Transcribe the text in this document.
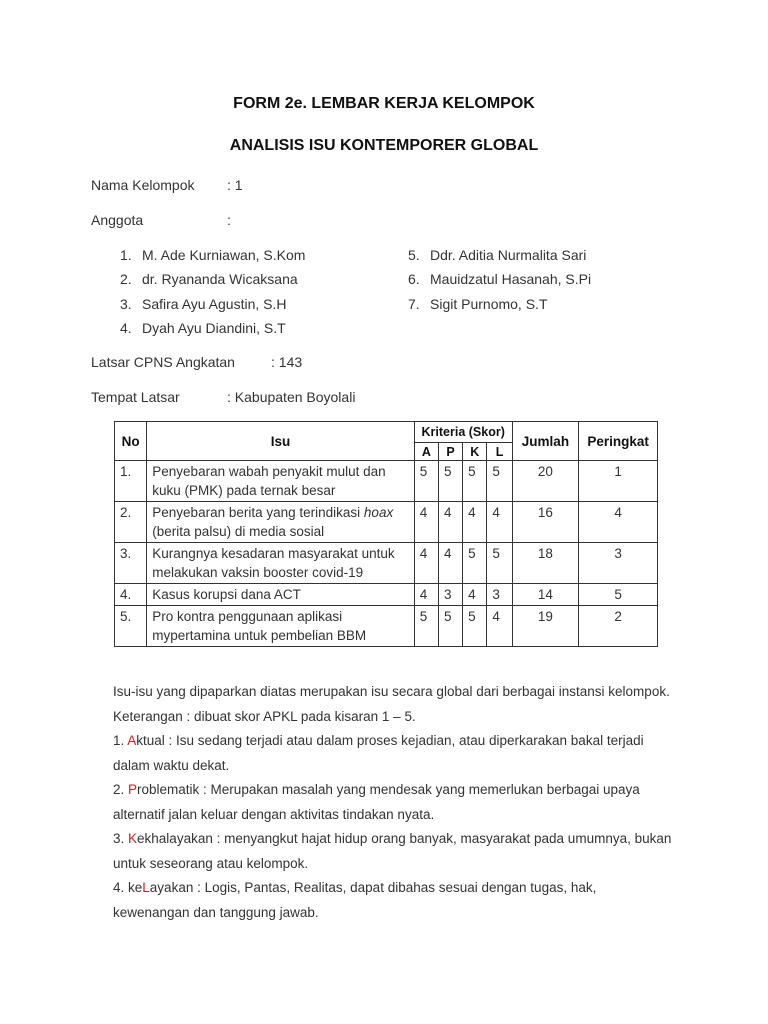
FORM 2e. LEMBAR KERJA KELOMPOK
ANALISIS ISU KONTEMPORER GLOBAL
Nama Kelompok : 1
Anggota	:
1. M. Ade Kurniawan, S.Kom
2. dr. Ryananda Wicaksana
3. Safira Ayu Agustin, S.H
4. Dyah Ayu Diandini, S.T
5. Ddr. Aditia Nurmalita Sari
6. Mauidzatul Hasanah, S.Pi
7. Sigit Purnomo, S.T
Latsar CPNS Angkatan	: 143
Tempat Latsar	: Kabupaten Boyolali
No	Isu	Kriteria (Skor)				Jumlah	Peringkat
		A	P	K	L		
1.	Penyebaran wabah penyakit mulut dan kuku (PMK) pada ternak besar	5	5	5	5	20	1
2.	Penyebaran berita yang terindikasi hoax (berita palsu) di media sosial	4	4	4	4	16	4
3.	Kurangnya kesadaran masyarakat untuk melakukan vaksin booster covid-19	4	4	5	5	18	3
4.	Kasus korupsi dana ACT	4	3	4	3	14	5
5.	Pro kontra penggunaan aplikasi mypertamina untuk pembelian BBM	5	5	5	4	19	2
Isu-isu yang dipaparkan diatas merupakan isu secara global dari berbagai instansi kelompok. Keterangan : dibuat skor APKL pada kisaran 1 – 5.
1. Aktual : Isu sedang terjadi atau dalam proses kejadian, atau diperkarakan bakal terjadi dalam waktu dekat.
2. Problematik : Merupakan masalah yang mendesak yang memerlukan berbagai upaya alternatif jalan keluar dengan aktivitas tindakan nyata.
3. Kekhalayakan : menyangkut hajat hidup orang banyak, masyarakat pada umumnya, bukan untuk seseorang atau kelompok.
4. keLayakan : Logis, Pantas, Realitas, dapat dibahas sesuai dengan tugas, hak, kewenangan dan tanggung jawab.
